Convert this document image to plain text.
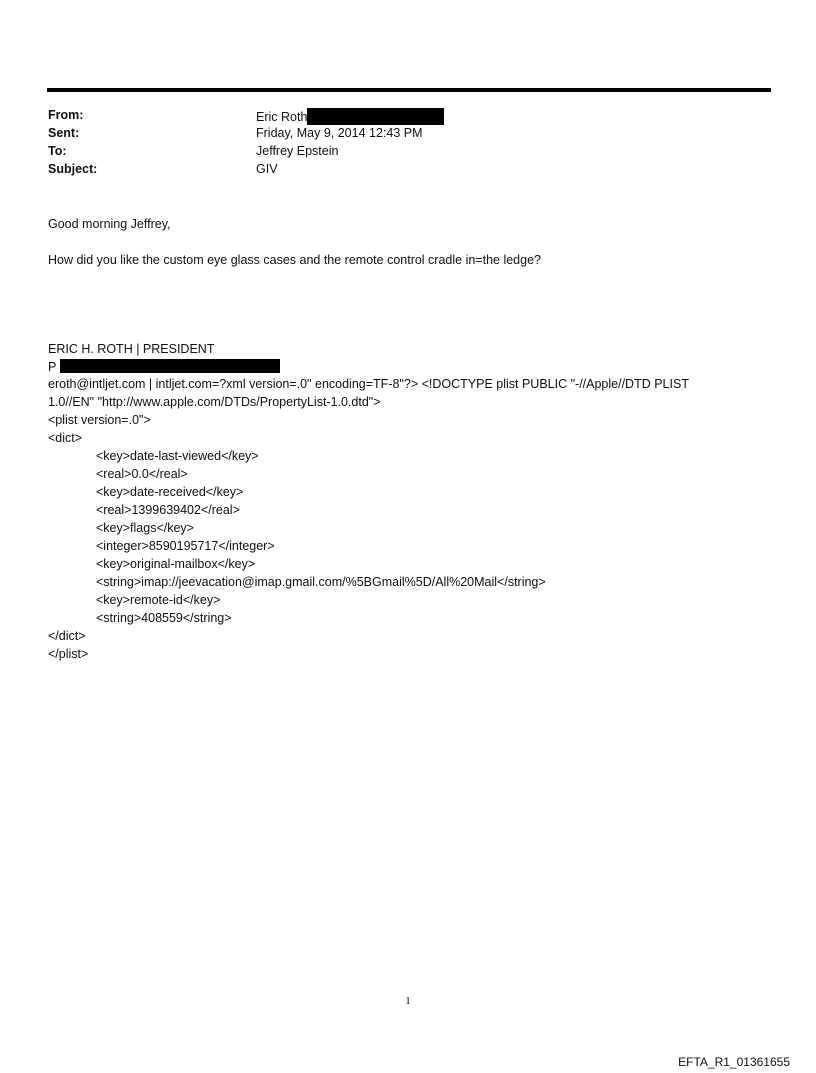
From:	Eric Roth
Sent:	Friday, May 9, 2014 12:43 PM
To:	Jeffrey Epstein
Subject:	GIV
Good morning Jeffrey,
How did you like the custom eye glass cases and the remote control cradle in=the ledge?
ERIC H. ROTH | PRESIDENT
P
eroth@intljet.com | intljet.com=?xml version=.0" encoding=TF-8"?> <!DOCTYPE plist PUBLIC "-//Apple//DTD PLIST
1.0//EN" "http://www.apple.com/DTDs/PropertyList-1.0.dtd">
<plist version=.0">
<dict>
<key>date-last-viewed</key>
<real>0.0</real>
<key>date-received</key>
<real>1399639402</real>
<key>flags</key>
<integer>8590195717</integer>
<key>original-mailbox</key>
<string>imap://jeevacation@imap.gmail.com/%5BGmail%5D/All%20Mail</string>
<key>remote-id</key>
<string>408559</string>
</dict>
</plist>
1
EFTA_R1_01361655
